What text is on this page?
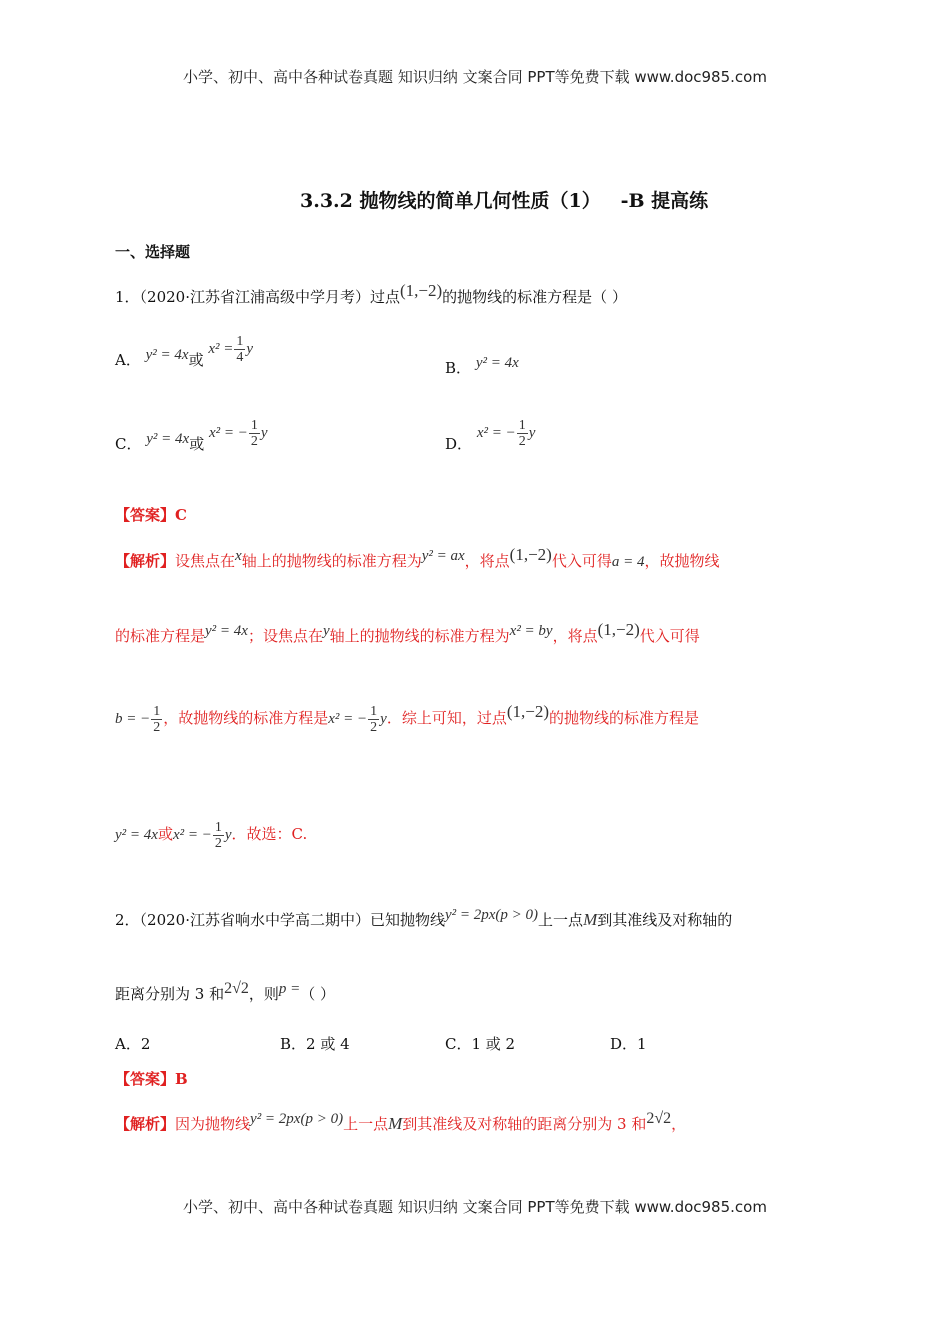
小学、初中、高中各种试卷真题 知识归纳 文案合同 PPT等免费下载 www.doc985.com
3.3.2 抛物线的简单几何性质（1）   -B 提高练
一、选择题
1．（2020·江苏省江浦高级中学月考）过点(1,−2)的抛物线的标准方程是（ ）
A． y² = 4x或 $x^2 = \frac{1}{4}$ y
B． y² = 4x
C． y² = 4x或 x² = − $\frac{1}{2}$ y
D． x² = − $\frac{1}{2}$ y
【答案】C
【解析】设焦点在x轴上的抛物线的标准方程为y² = ax，将点(1,−2)代入可得a = 4，故抛物线
的标准方程是y² = 4x；设焦点在y轴上的抛物线的标准方程为x² = by，将点(1,−2)代入可得
b = − $\frac{1}{2}$ ，故抛物线的标准方程是x² = − $\frac{1}{2}$ y．综上可知，过点(1,−2)的抛物线的标准方程是
y² = 4x或x² = − $\frac{1}{2}$ y．故选：C.
2．（2020·江苏省响水中学高二期中）已知抛物线y² = 2px(p > 0)上一点M到其准线及对称轴的
距离分别为 3 和2√2，则p =（ ）
A．2	B．2 或 4	C．1 或 2	D．1
【答案】B
【解析】因为抛物线y² = 2px(p > 0)上一点M到其准线及对称轴的距离分别为 3 和2√2，
小学、初中、高中各种试卷真题 知识归纳 文案合同 PPT等免费下载 www.doc985.com
